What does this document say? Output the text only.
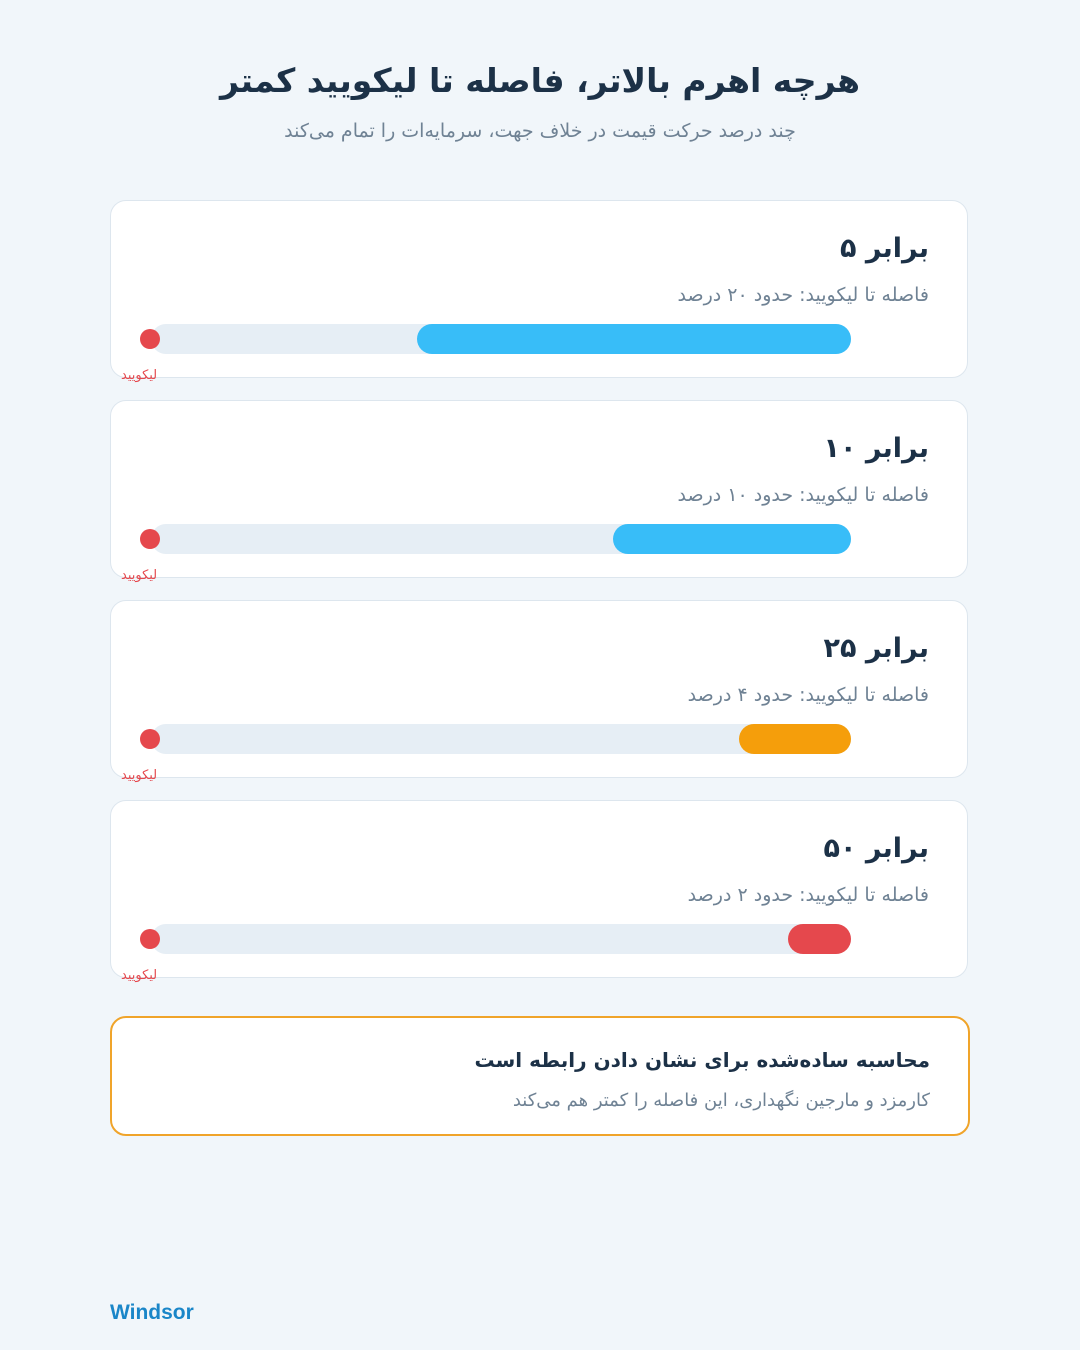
هرچه اهرم بالاتر، فاصله تا لیکویید کمتر
چند درصد حرکت قیمت در خلاف جهت، سرمایه‌ات را تمام می‌کند
برابر ۵
فاصله تا لیکویید: حدود ۲۰ درصد
لیکویید
برابر ۱۰
فاصله تا لیکویید: حدود ۱۰ درصد
لیکویید
برابر ۲۵
فاصله تا لیکویید: حدود ۴ درصد
لیکویید
برابر ۵۰
فاصله تا لیکویید: حدود ۲ درصد
لیکویید
محاسبه ساده‌شده برای نشان دادن رابطه است
کارمزد و مارجین نگهداری، این فاصله را کمتر هم می‌کند
Windsor
